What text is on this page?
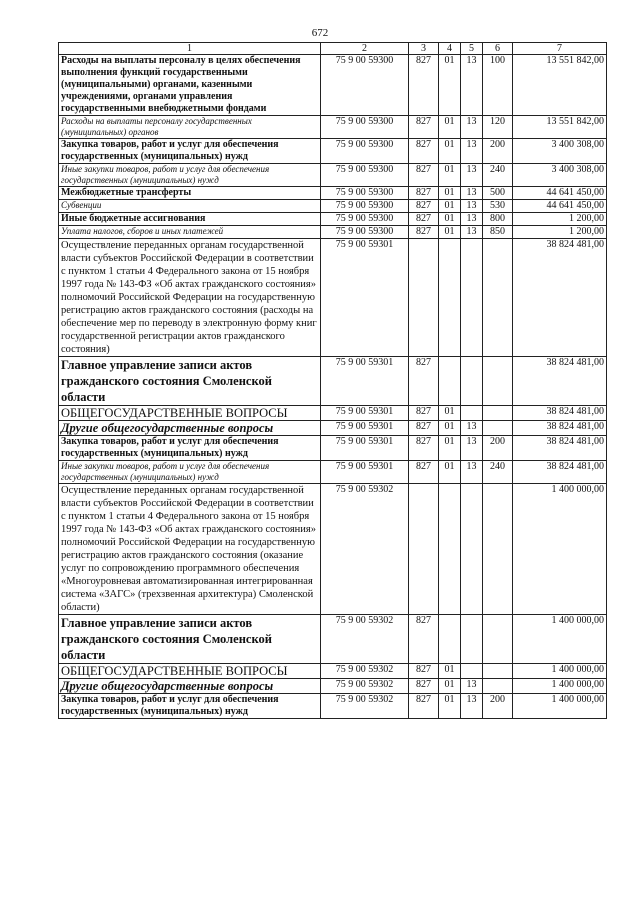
672
1	2	3	4	5	6	7
Расходы на выплаты персоналу в целях обеспечения выполнения функций государственными (муниципальными) органами, казенными учреждениями, органами управления государственными внебюджетными фондами	75 9 00 59300	827	01	13	100	13 551 842,00
Расходы на выплаты персоналу государственных (муниципальных) органов	75 9 00 59300	827	01	13	120	13 551 842,00
Закупка товаров, работ и услуг для обеспечения государственных (муниципальных) нужд	75 9 00 59300	827	01	13	200	3 400 308,00
Иные закупки товаров, работ и услуг для обеспечения государственных (муниципальных) нужд	75 9 00 59300	827	01	13	240	3 400 308,00
Межбюджетные трансферты	75 9 00 59300	827	01	13	500	44 641 450,00
Субвенции	75 9 00 59300	827	01	13	530	44 641 450,00
Иные бюджетные ассигнования	75 9 00 59300	827	01	13	800	1 200,00
Уплата налогов, сборов и иных платежей	75 9 00 59300	827	01	13	850	1 200,00
Осуществление переданных органам государственной власти субъектов Российской Федерации в соответствии с пунктом 1 статьи 4 Федерального закона от 15 ноября 1997 года № 143-ФЗ «Об актах гражданского состояния» полномочий Российской Федерации на государственную регистрацию актов гражданского состояния (расходы на обеспечение мер по переводу в электронную форму книг государственной регистрации актов гражданского состояния)	75 9 00 59301					38 824 481,00
Главное управление записи актов гражданского состояния Смоленской области	75 9 00 59301	827				38 824 481,00
ОБЩЕГОСУДАРСТВЕННЫЕ ВОПРОСЫ	75 9 00 59301	827	01			38 824 481,00
Другие общегосударственные вопросы	75 9 00 59301	827	01	13		38 824 481,00
Закупка товаров, работ и услуг для обеспечения государственных (муниципальных) нужд	75 9 00 59301	827	01	13	200	38 824 481,00
Иные закупки товаров, работ и услуг для обеспечения государственных (муниципальных) нужд	75 9 00 59301	827	01	13	240	38 824 481,00
Осуществление переданных органам государственной власти субъектов Российской Федерации в соответствии с пунктом 1 статьи 4 Федерального закона от 15 ноября 1997 года № 143-ФЗ «Об актах гражданского состояния» полномочий Российской Федерации на государственную регистрацию актов гражданского состояния (оказание услуг по сопровождению программного обеспечения «Многоуровневая автоматизированная интегрированная система «ЗАГС» (трехзвенная архитектура) Смоленской области)	75 9 00 59302					1 400 000,00
Главное управление записи актов гражданского состояния Смоленской области	75 9 00 59302	827				1 400 000,00
ОБЩЕГОСУДАРСТВЕННЫЕ ВОПРОСЫ	75 9 00 59302	827	01			1 400 000,00
Другие общегосударственные вопросы	75 9 00 59302	827	01	13		1 400 000,00
Закупка товаров, работ и услуг для обеспечения государственных (муниципальных) нужд	75 9 00 59302	827	01	13	200	1 400 000,00
